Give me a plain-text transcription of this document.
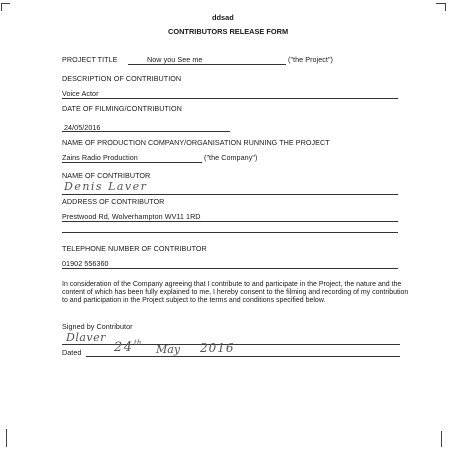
ddsad
CONTRIBUTORS RELEASE FORM
PROJECT TITLE	Now you See me	("the Project")
DESCRIPTION OF CONTRIBUTION
Voice Actor
DATE OF FILMING/CONTRIBUTION
24/05/2016
NAME OF PRODUCTION COMPANY/ORGANISATION RUNNING THE PROJECT
Zains Radio Production	("the Company")
NAME OF CONTRIBUTOR
Denis Laver
ADDRESS OF CONTRIBUTOR
Prestwood Rd, Wolverhampton WV11 1RD
TELEPHONE NUMBER OF CONTRIBUTOR
01902 556360
In consideration of the Company agreeing that I contribute to and participate in the Project, the nature and the content of which has been fully explained to me, I hereby consent to the filming and recording of my contribution to and participation in the Project subject to the terms and conditions specified below.
Signed by Contributor
Dlaver
Dated	24 th May 2016
